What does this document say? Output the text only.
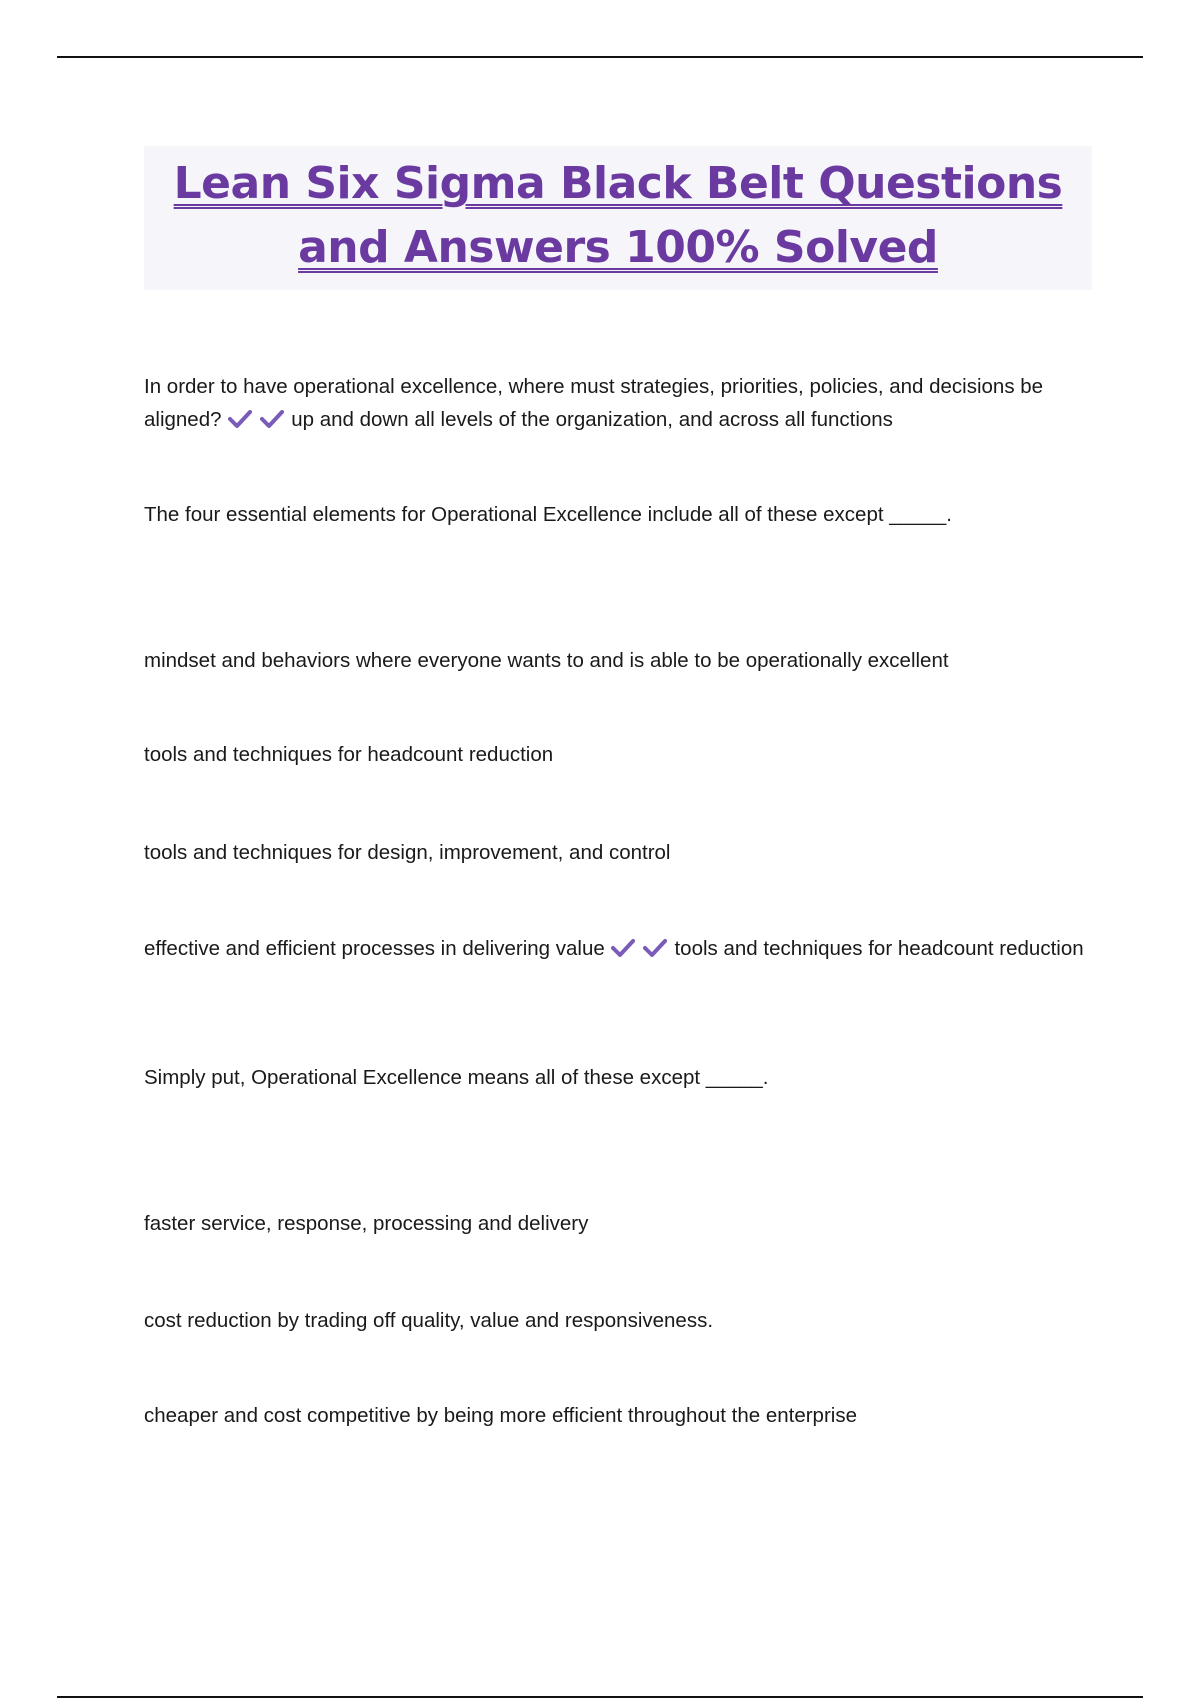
Lean Six Sigma Black Belt Questions and Answers 100% Solved

In order to have operational excellence, where must strategies, priorities, policies, and decisions be aligned?	up and down all levels of the organization, and across all functions

The four essential elements for Operational Excellence include all of these except _____.

mindset and behaviors where everyone wants to and is able to be operationally excellent

tools and techniques for headcount reduction

tools and techniques for design, improvement, and control

effective and efficient processes in delivering value	tools and techniques for headcount reduction

Simply put, Operational Excellence means all of these except _____.

faster service, response, processing and delivery

cost reduction by trading off quality, value and responsiveness.

cheaper and cost competitive by being more efficient throughout the enterprise
